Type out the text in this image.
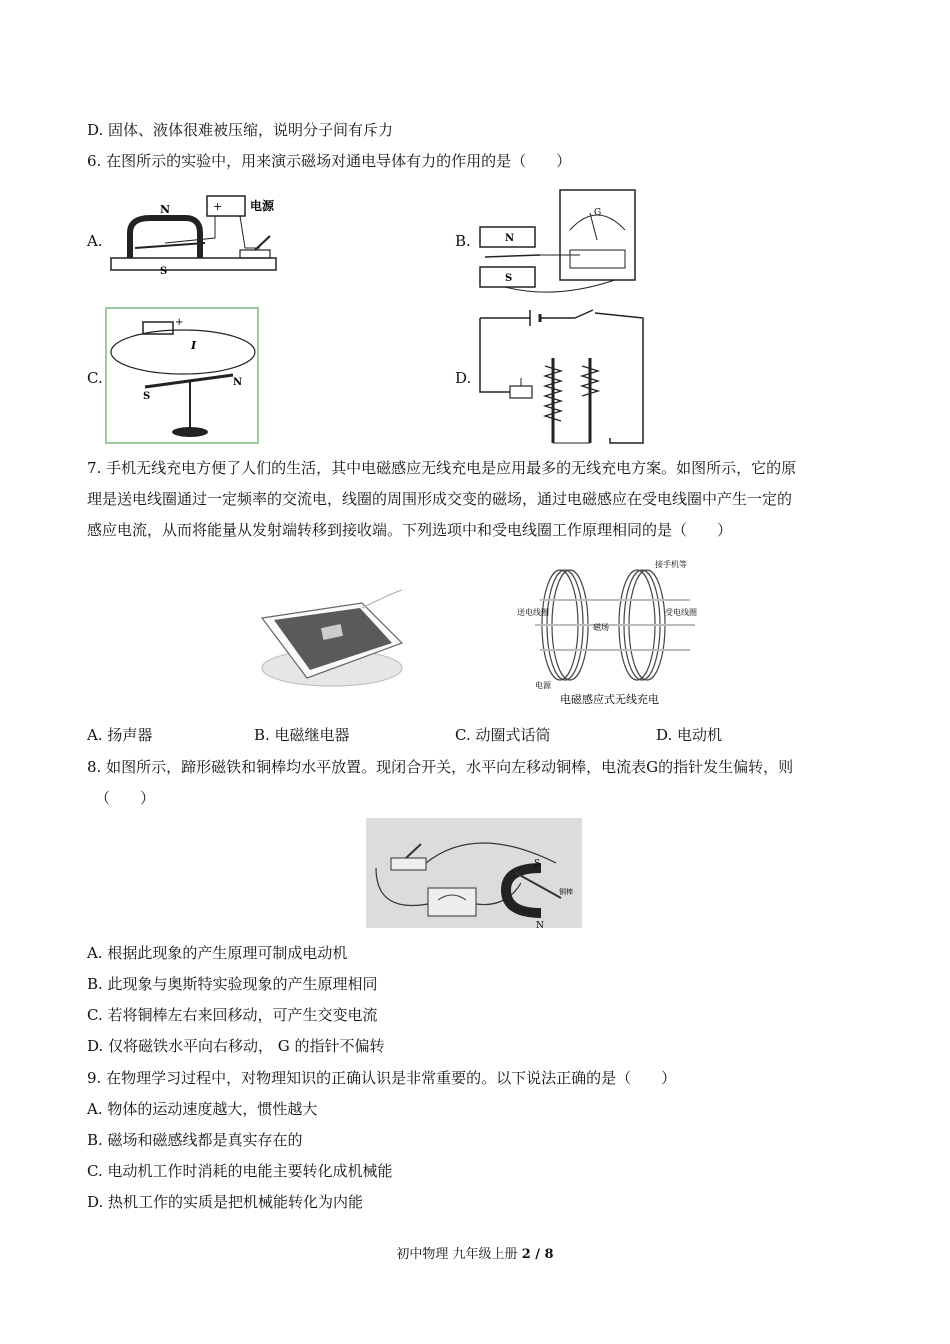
D. 固体、液体很难被压缩，说明分子间有斥力
6. 在图所示的实验中，用来演示磁场对通电导体有力的作用的是（　　）
A.
N
S
+ 电源
B.
G
N
S
C.
+
I
N
S
D.
7. 手机无线充电方便了人们的生活，其中电磁感应无线充电是应用最多的无线充电方案。如图所示，它的原
理是送电线圈通过一定频率的交流电，线圈的周围形成交变的磁场，通过电磁感应在受电线圈中产生一定的
感应电流，从而将能量从发射端转移到接收端。下列选项中和受电线圈工作原理相同的是（　　）
送电线圈	受电线圈
接手机等
磁场
电源
电磁感应式无线充电
A. 扬声器	B. 电磁继电器	C. 动圈式话筒	D. 电动机
8. 如图所示，蹄形磁铁和铜棒均水平放置。现闭合开关，水平向左移动铜棒，电流表G的指针发生偏转，则
（　　）
S
N
铜棒
A. 根据此现象的产生原理可制成电动机
B. 此现象与奥斯特实验现象的产生原理相同
C. 若将铜棒左右来回移动，可产生交变电流
D. 仅将磁铁水平向右移动， G 的指针不偏转
9. 在物理学习过程中，对物理知识的正确认识是非常重要的。以下说法正确的是（　　）
A. 物体的运动速度越大，惯性越大
B. 磁场和磁感线都是真实存在的
C. 电动机工作时消耗的电能主要转化成机械能
D. 热机工作的实质是把机械能转化为内能
初中物理 九年级上册 2 / 8
